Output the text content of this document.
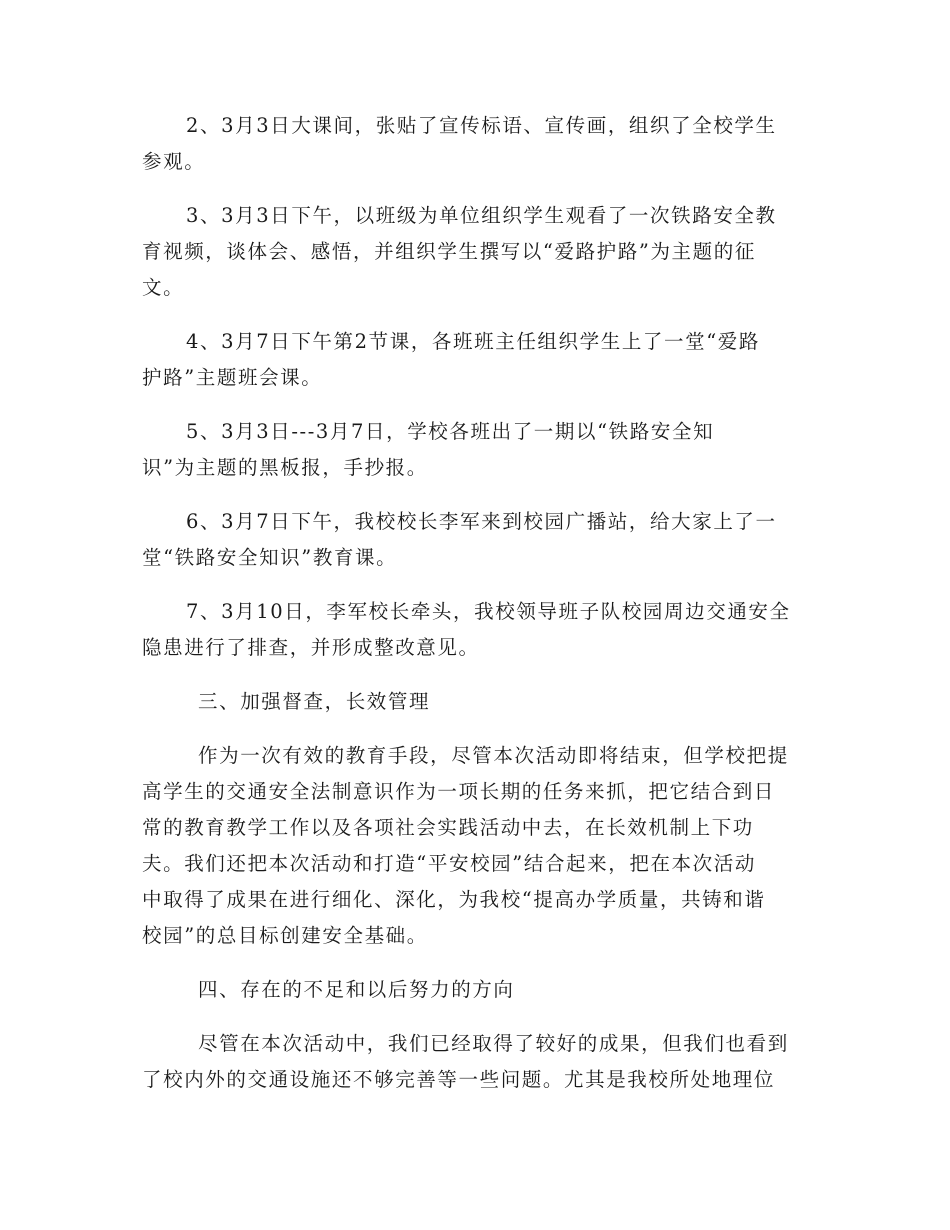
2、3月3日大课间，张贴了宣传标语、宣传画，组织了全校学生
参观。
3、3月3日下午，以班级为单位组织学生观看了一次铁路安全教
育视频，谈体会、感悟，并组织学生撰写以“爱路护路”为主题的征
文。
4、3月7日下午第2节课，各班班主任组织学生上了一堂“爱路
护路”主题班会课。
5、3月3日---3月7日，学校各班出了一期以“铁路安全知
识”为主题的黑板报，手抄报。
6、3月7日下午，我校校长李军来到校园广播站，给大家上了一
堂“铁路安全知识”教育课。
7、3月10日，李军校长牵头，我校领导班子队校园周边交通安全
隐患进行了排查，并形成整改意见。
三、加强督查，长效管理
作为一次有效的教育手段，尽管本次活动即将结束，但学校把提
高学生的交通安全法制意识作为一项长期的任务来抓，把它结合到日
常的教育教学工作以及各项社会实践活动中去，在长效机制上下功
夫。我们还把本次活动和打造“平安校园”结合起来，把在本次活动
中取得了成果在进行细化、深化，为我校“提高办学质量，共铸和谐
校园”的总目标创建安全基础。
四、存在的不足和以后努力的方向
尽管在本次活动中，我们已经取得了较好的成果，但我们也看到
了校内外的交通设施还不够完善等一些问题。尤其是我校所处地理位
